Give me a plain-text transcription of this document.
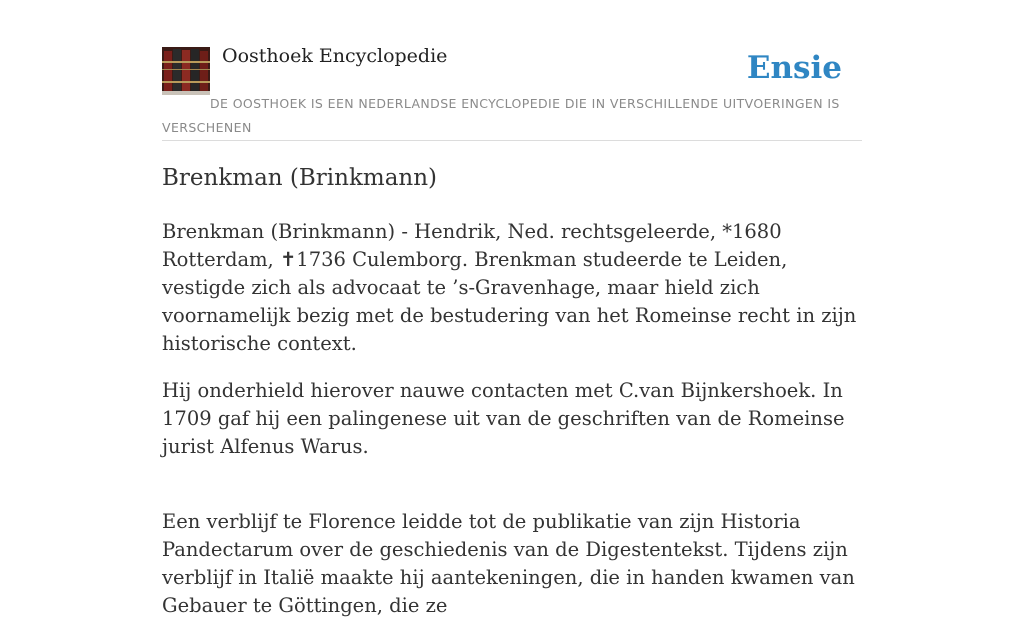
Oosthoek Encyclopedie	Ensie
DE OOSTHOEK IS EEN NEDERLANDSE ENCYCLOPEDIE DIE IN VERSCHILLENDE UITVOERINGEN IS VERSCHENEN
Brenkman (Brinkmann)

Brenkman (Brinkmann) - Hendrik, Ned. rechtsgeleerde, *1680 Rotterdam, ✝1736 Culemborg. Brenkman studeerde te Leiden, vestigde zich als advocaat te ’s-Gravenhage, maar hield zich voornamelijk bezig met de bestudering van het Romeinse recht in zijn historische context.

Hij onderhield hierover nauwe contacten met C.van Bijnkershoek. In 1709 gaf hij een palingenese uit van de geschriften van de Romeinse jurist Alfenus Warus.

Een verblijf te Florence leidde tot de publikatie van zijn Historia Pandectarum over de geschiedenis van de Digestentekst. Tijdens zijn verblijf in Italië maakte hij aantekeningen, die in handen kwamen van Gebauer te Göttingen, die ze
